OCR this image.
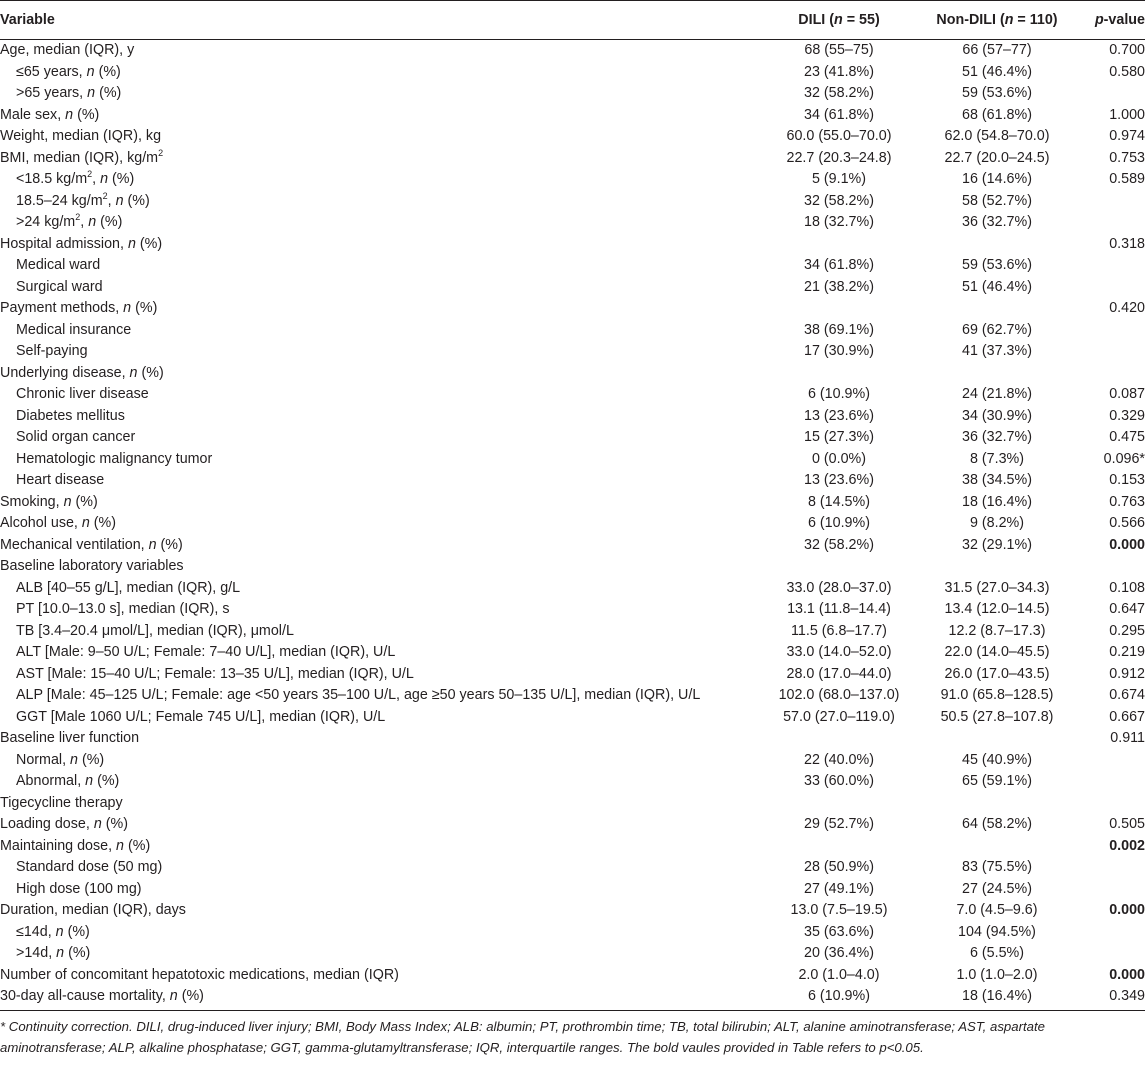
Variable	DILI (n = 55)	Non-DILI (n = 110)	p-value
Age, median (IQR), y	68 (55–75)	66 (57–77)	0.700
≤65 years, n (%)	23 (41.8%)	51 (46.4%)	0.580
>65 years, n (%)	32 (58.2%)	59 (53.6%)	
Male sex, n (%)	34 (61.8%)	68 (61.8%)	1.000
Weight, median (IQR), kg	60.0 (55.0–70.0)	62.0 (54.8–70.0)	0.974
BMI, median (IQR), $kg/m^2$	22.7 (20.3–24.8)	22.7 (20.0–24.5)	0.753
<18.5 $kg/m^2$, n (%)	5 (9.1%)	16 (14.6%)	0.589
18.5–24 $kg/m^2$, n (%)	32 (58.2%)	58 (52.7%)	
>24 $kg/m^2$, n (%)	18 (32.7%)	36 (32.7%)	
Hospital admission, n (%)			0.318
Medical ward	34 (61.8%)	59 (53.6%)	
Surgical ward	21 (38.2%)	51 (46.4%)	
Payment methods, n (%)			0.420
Medical insurance	38 (69.1%)	69 (62.7%)	
Self-paying	17 (30.9%)	41 (37.3%)	
Underlying disease, n (%)			
Chronic liver disease	6 (10.9%)	24 (21.8%)	0.087
Diabetes mellitus	13 (23.6%)	34 (30.9%)	0.329
Solid organ cancer	15 (27.3%)	36 (32.7%)	0.475
Hematologic malignancy tumor	0 (0.0%)	8 (7.3%)	0.096*
Heart disease	13 (23.6%)	38 (34.5%)	0.153
Smoking, n (%)	8 (14.5%)	18 (16.4%)	0.763
Alcohol use, n (%)	6 (10.9%)	9 (8.2%)	0.566
Mechanical ventilation, n (%)	32 (58.2%)	32 (29.1%)	0.000
Baseline laboratory variables			
ALB [40–55 g/L], median (IQR), g/L	33.0 (28.0–37.0)	31.5 (27.0–34.3)	0.108
PT [10.0–13.0 s], median (IQR), s	13.1 (11.8–14.4)	13.4 (12.0–14.5)	0.647
TB [3.4–20.4 μmol/L], median (IQR), μmol/L	11.5 (6.8–17.7)	12.2 (8.7–17.3)	0.295
ALT [Male: 9–50 U/L; Female: 7–40 U/L], median (IQR), U/L	33.0 (14.0–52.0)	22.0 (14.0–45.5)	0.219
AST [Male: 15–40 U/L; Female: 13–35 U/L], median (IQR), U/L	28.0 (17.0–44.0)	26.0 (17.0–43.5)	0.912
ALP [Male: 45–125 U/L; Female: age <50 years 35–100 U/L, age ≥50 years 50–135 U/L], median (IQR), U/L	102.0 (68.0–137.0)	91.0 (65.8–128.5)	0.674
GGT [Male 1060 U/L; Female 745 U/L], median (IQR), U/L	57.0 (27.0–119.0)	50.5 (27.8–107.8)	0.667
Baseline liver function			0.911
Normal, n (%)	22 (40.0%)	45 (40.9%)	
Abnormal, n (%)	33 (60.0%)	65 (59.1%)	
Tigecycline therapy			
Loading dose, n (%)	29 (52.7%)	64 (58.2%)	0.505
Maintaining dose, n (%)			0.002
Standard dose (50 mg)	28 (50.9%)	83 (75.5%)	
High dose (100 mg)	27 (49.1%)	27 (24.5%)	
Duration, median (IQR), days	13.0 (7.5–19.5)	7.0 (4.5–9.6)	0.000
≤14d, n (%)	35 (63.6%)	104 (94.5%)	
>14d, n (%)	20 (36.4%)	6 (5.5%)	
Number of concomitant hepatotoxic medications, median (IQR)	2.0 (1.0–4.0)	1.0 (1.0–2.0)	0.000
30-day all-cause mortality, n (%)	6 (10.9%)	18 (16.4%)	0.349
* Continuity correction. DILI, drug-induced liver injury; BMI, Body Mass Index; ALB: albumin; PT, prothrombin time; TB, total bilirubin; ALT, alanine aminotransferase; AST, aspartate aminotransferase; ALP, alkaline phosphatase; GGT, gamma-glutamyltransferase; IQR, interquartile ranges. The bold vaules provided in Table refers to p<0.05.
